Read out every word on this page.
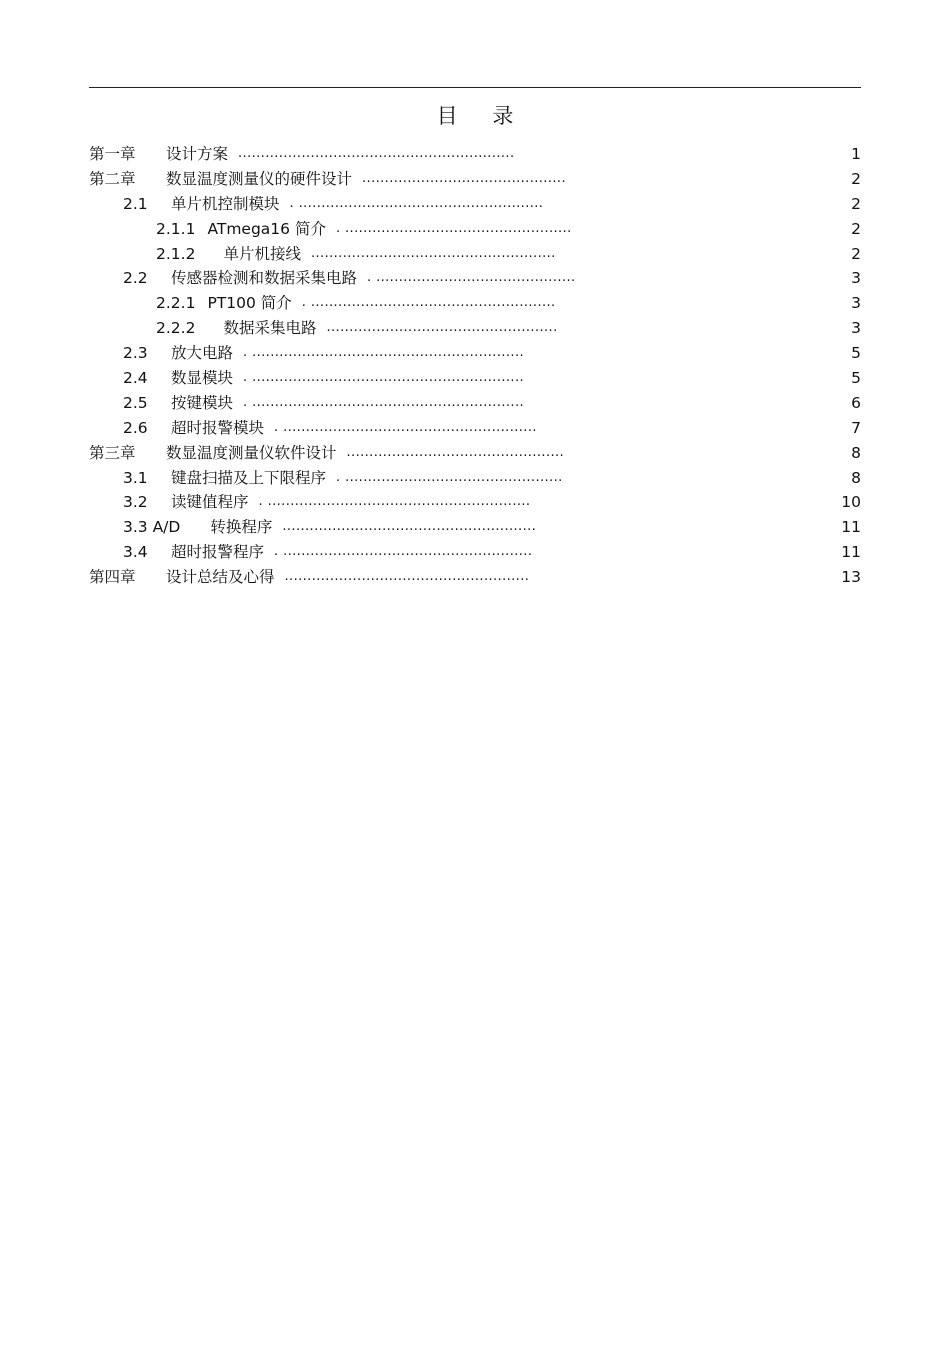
目 录
第一章 设计方案 .............................................................	1
第二章 数显温度测量仪的硬件设计 .............................................	2
2.1 单片机控制模块 . ......................................................	2
2.1.1 ATmega16 简介 . ..................................................	2
2.1.2 单片机接线 ......................................................	2
2.2 传感器检测和数据采集电路 . ............................................	3
2.2.1 PT100 简介 . ......................................................	3
2.2.2 数据采集电路 ...................................................	3
2.3 放大电路 . ............................................................	5
2.4 数显模块 . ............................................................	5
2.5 按键模块 . ............................................................	6
2.6 超时报警模块 . ........................................................	7
第三章 数显温度测量仪软件设计 ................................................	8
3.1 键盘扫描及上下限程序 . ................................................	8
3.2 读键值程序 . ..........................................................	10
3.3 A/D 转换程序 ........................................................	11
3.4 超时报警程序 . .......................................................	11
第四章 设计总结及心得 ......................................................	13
